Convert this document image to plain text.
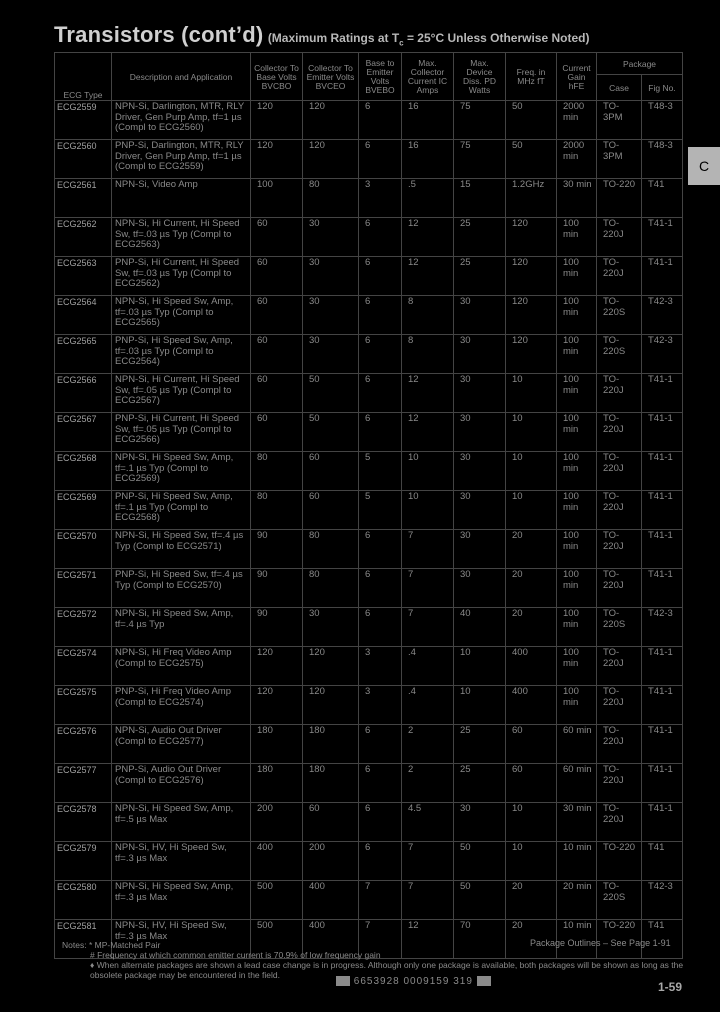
Transistors (cont’d) (Maximum Ratings at $T_c = 25^\circ C$ Unless Otherwise Noted)
C
ECG Type	Description and Application	Collector To Base Volts BVCBO	Collector To Emitter Volts BVCEO	Base to Emitter Volts BVEBO	Max. Collector Current IC Amps	Max. Device Diss. PD Watts	Freq. in MHz fT	Current Gain hFE	Package	
									Case	Fig No.
ECG2559	NPN-Si, Darlington, MTR, RLY Driver, Gen Purp Amp, tf=1 µs (Compl to ECG2560)	120	120	6	16	75	50	2000 min	TO-3PM	T48-3
ECG2560	PNP-Si, Darlington, MTR, RLY Driver, Gen Purp Amp, tf=1 µs (Compl to ECG2559)	120	120	6	16	75	50	2000 min	TO-3PM	T48-3
ECG2561	NPN-Si, Video Amp	100	80	3	.5	15	1.2GHz	30 min	TO-220	T41
ECG2562	NPN-Si, Hi Current, Hi Speed Sw, tf=.03 µs Typ (Compl to ECG2563)	60	30	6	12	25	120	100 min	TO-220J	T41-1
ECG2563	PNP-Si, Hi Current, Hi Speed Sw, tf=.03 µs Typ (Compl to ECG2562)	60	30	6	12	25	120	100 min	TO-220J	T41-1
ECG2564	NPN-Si, Hi Speed Sw, Amp, tf=.03 µs Typ (Compl to ECG2565)	60	30	6	8	30	120	100 min	TO-220S	T42-3
ECG2565	PNP-Si, Hi Speed Sw, Amp, tf=.03 µs Typ (Compl to ECG2564)	60	30	6	8	30	120	100 min	TO-220S	T42-3
ECG2566	NPN-Si, Hi Current, Hi Speed Sw, tf=.05 µs Typ (Compl to ECG2567)	60	50	6	12	30	10	100 min	TO-220J	T41-1
ECG2567	PNP-Si, Hi Current, Hi Speed Sw, tf=.05 µs Typ (Compl to ECG2566)	60	50	6	12	30	10	100 min	TO-220J	T41-1
ECG2568	NPN-Si, Hi Speed Sw, Amp, tf=.1 µs Typ (Compl to ECG2569)	80	60	5	10	30	10	100 min	TO-220J	T41-1
ECG2569	PNP-Si, Hi Speed Sw, Amp, tf=.1 µs Typ (Compl to ECG2568)	80	60	5	10	30	10	100 min	TO-220J	T41-1
ECG2570	NPN-Si, Hi Speed Sw, tf=.4 µs Typ (Compl to ECG2571)	90	80	6	7	30	20	100 min	TO-220J	T41-1
ECG2571	PNP-Si, Hi Speed Sw, tf=.4 µs Typ (Compl to ECG2570)	90	80	6	7	30	20	100 min	TO-220J	T41-1
ECG2572	NPN-Si, Hi Speed Sw, Amp, tf=.4 µs Typ	90	30	6	7	40	20	100 min	TO-220S	T42-3
ECG2574	NPN-Si, Hi Freq Video Amp (Compl to ECG2575)	120	120	3	.4	10	400	100 min	TO-220J	T41-1
ECG2575	PNP-Si, Hi Freq Video Amp (Compl to ECG2574)	120	120	3	.4	10	400	100 min	TO-220J	T41-1
ECG2576	NPN-Si, Audio Out Driver (Compl to ECG2577)	180	180	6	2	25	60	60 min	TO-220J	T41-1
ECG2577	PNP-Si, Audio Out Driver (Compl to ECG2576)	180	180	6	2	25	60	60 min	TO-220J	T41-1
ECG2578	NPN-Si, Hi Speed Sw, Amp, tf=.5 µs Max	200	60	6	4.5	30	10	30 min	TO-220J	T41-1
ECG2579	NPN-Si, HV, Hi Speed Sw, tf=.3 µs Max	400	200	6	7	50	10	10 min	TO-220	T41
ECG2580	NPN-Si, Hi Speed Sw, Amp, tf=.3 µs Max	500	400	7	7	50	20	20 min	TO-220S	T42-3
ECG2581	NPN-Si, HV, Hi Speed Sw, tf=.3 µs Max	500	400	7	12	70	20	10 min	TO-220	T41
Package Outlines – See Page 1-91
Notes: * MP-Matched Pair
# Frequency at which common emitter current is 70.9% of low frequency gain
♦ When alternate packages are shown a lead case change is in progress. Although only one package is available, both packages will be shown as long as the obsolete package may be encountered in the field.
6653928 0009159 319	1-59
